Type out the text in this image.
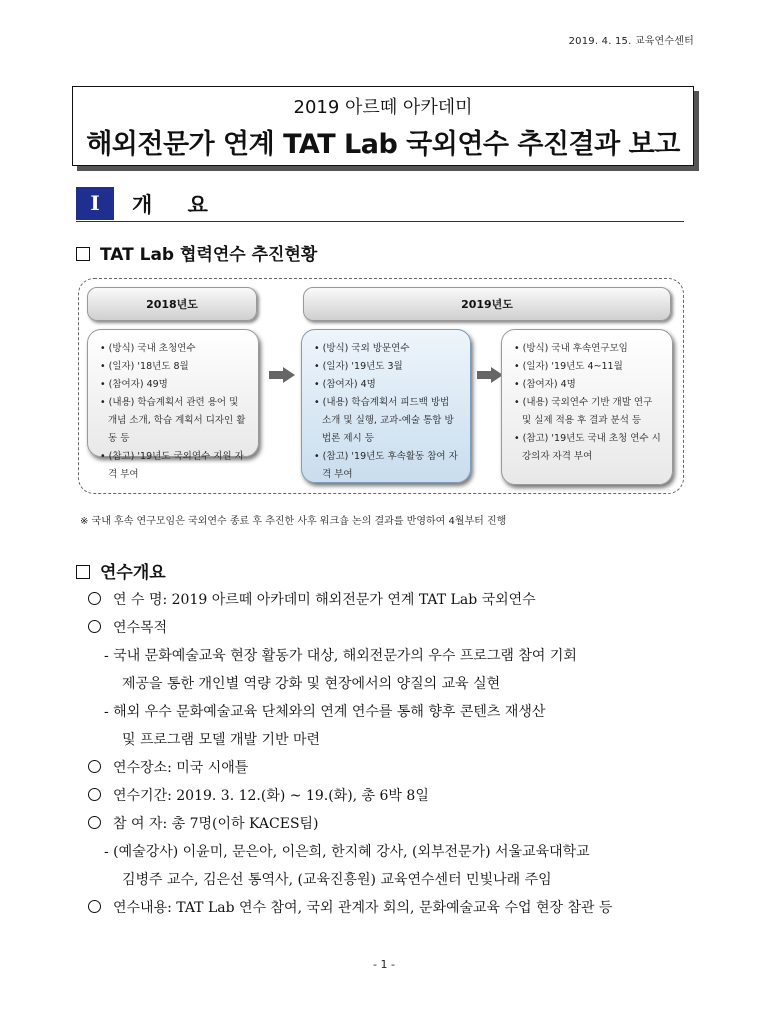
2019. 4. 15. 교육연수센터
2019 아르떼 아카데미
해외전문가 연계 TAT Lab 국외연수 추진결과 보고
Ⅰ	개 요
TAT Lab 협력연수 추진현황
2018년도	2019년도
• (방식) 국내 초청연수
• (일자) '18년도 8월
• (참여자) 49명
• (내용) 학습계획서 관련 용어 및 개념 소개, 학습 계획서 디자인 활동 등
• (참고) '19년도 국외연수 지원 자격 부여
• (방식) 국외 방문연수
• (일자) '19년도 3월
• (참여자) 4명
• (내용) 학습계획서 피드백 방법 소개 및 실행, 교과-예술 통합 방법론 제시 등
• (참고) '19년도 후속활동 참여 자격 부여
• (방식) 국내 후속연구모임
• (일자) '19년도 4~11월
• (참여자) 4명
• (내용) 국외연수 기반 개발 연구 및 실제 적용 후 결과 분석 등
• (참고) '19년도 국내 초청 연수 시 강의자 자격 부여
※ 국내 후속 연구모임은 국외연수 종료 후 추진한 사후 워크숍 논의 결과를 반영하여 4월부터 진행
연수개요
연 수 명: 2019 아르떼 아카데미 해외전문가 연계 TAT Lab 국외연수
연수목적
- 국내 문화예술교육 현장 활동가 대상, 해외전문가의 우수 프로그램 참여 기회
제공을 통한 개인별 역량 강화 및 현장에서의 양질의 교육 실현
- 해외 우수 문화예술교육 단체와의 연계 연수를 통해 향후 콘텐츠 재생산
및 프로그램 모델 개발 기반 마련
연수장소: 미국 시애틀
연수기간: 2019. 3. 12.(화) ~ 19.(화), 총 6박 8일
참 여 자: 총 7명(이하 KACES팀)
- (예술강사) 이윤미, 문은아, 이은희, 한지혜 강사, (외부전문가) 서울교육대학교
김병주 교수, 김은선 통역사, (교육진흥원) 교육연수센터 민빛나래 주임
연수내용: TAT Lab 연수 참여, 국외 관계자 회의, 문화예술교육 수업 현장 참관 등
- 1 -
